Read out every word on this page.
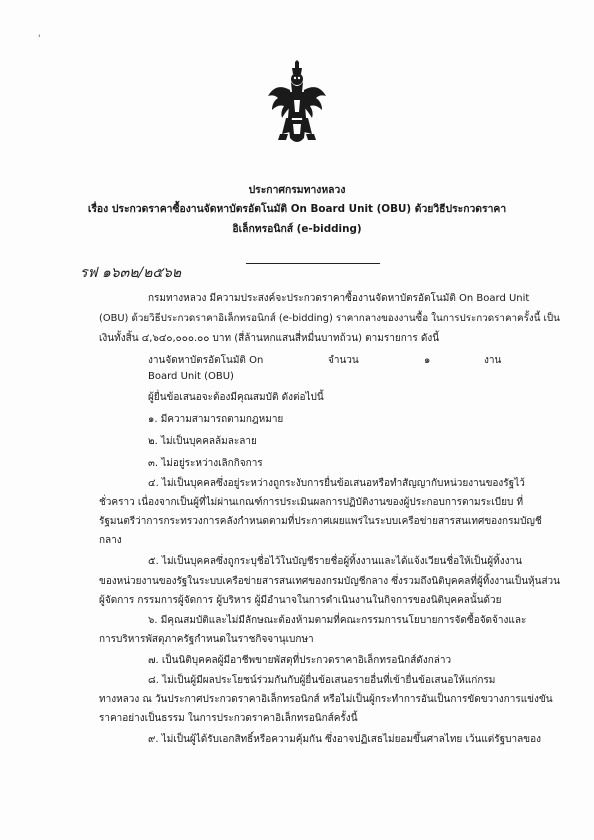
'
ประกาศกรมทางหลวง
เรื่อง ประกวดราคาซื้องานจัดหาบัตรอัตโนมัติ On Board Unit (OBU) ด้วยวิธีประกวดราคา
อิเล็กทรอนิกส์ (e-bidding)
รฟ ๑๖๓๒/๒๕๖๒
กรมทางหลวง มีความประสงค์จะประกวดราคาซื้องานจัดหาบัตรอัตโนมัติ On Board Unit
(OBU) ด้วยวิธีประกวดราคาอิเล็กทรอนิกส์ (e-bidding) ราคากลางของงานซื้อ ในการประกวดราคาครั้งนี้ เป็น
เงินทั้งสิ้น ๔,๖๔๐,๐๐๐.๐๐ บาท (สี่ล้านหกแสนสี่หมื่นบาทถ้วน) ตามรายการ ดังนี้
งานจัดหาบัตรอัตโนมัติ On	จำนวน	๑	งาน
Board Unit (OBU)
ผู้ยื่นข้อเสนอจะต้องมีคุณสมบัติ ดังต่อไปนี้
๑. มีความสามารถตามกฎหมาย
๒. ไม่เป็นบุคคลล้มละลาย
๓. ไม่อยู่ระหว่างเลิกกิจการ
๔. ไม่เป็นบุคคลซึ่งอยู่ระหว่างถูกระงับการยื่นข้อเสนอหรือทำสัญญากับหน่วยงานของรัฐไว้
ชั่วคราว เนื่องจากเป็นผู้ที่ไม่ผ่านเกณฑ์การประเมินผลการปฏิบัติงานของผู้ประกอบการตามระเบียบ ที่
รัฐมนตรีว่าการกระทรวงการคลังกำหนดตามที่ประกาศเผยแพร่ในระบบเครือข่ายสารสนเทศของกรมบัญชี
กลาง
๕. ไม่เป็นบุคคลซึ่งถูกระบุชื่อไว้ในบัญชีรายชื่อผู้ทิ้งงานและได้แจ้งเวียนชื่อให้เป็นผู้ทิ้งงาน
ของหน่วยงานของรัฐในระบบเครือข่ายสารสนเทศของกรมบัญชีกลาง ซึ่งรวมถึงนิติบุคคลที่ผู้ทิ้งงานเป็นหุ้นส่วน
ผู้จัดการ กรรมการผู้จัดการ ผู้บริหาร ผู้มีอำนาจในการดำเนินงานในกิจการของนิติบุคคลนั้นด้วย
๖. มีคุณสมบัติและไม่มีลักษณะต้องห้ามตามที่คณะกรรมการนโยบายการจัดซื้อจัดจ้างและ
การบริหารพัสดุภาครัฐกำหนดในราชกิจจานุเบกษา
๗. เป็นนิติบุคคลผู้มีอาชีพขายพัสดุที่ประกวดราคาอิเล็กทรอนิกส์ดังกล่าว
๘. ไม่เป็นผู้มีผลประโยชน์ร่วมกันกับผู้ยื่นข้อเสนอรายอื่นที่เข้ายื่นข้อเสนอให้แก่กรม
ทางหลวง ณ วันประกาศประกวดราคาอิเล็กทรอนิกส์ หรือไม่เป็นผู้กระทำการอันเป็นการขัดขวางการแข่งขัน
ราคาอย่างเป็นธรรม ในการประกวดราคาอิเล็กทรอนิกส์ครั้งนี้
๙. ไม่เป็นผู้ได้รับเอกสิทธิ์หรือความคุ้มกัน ซึ่งอาจปฏิเสธไม่ยอมขึ้นศาลไทย เว้นแต่รัฐบาลของ
